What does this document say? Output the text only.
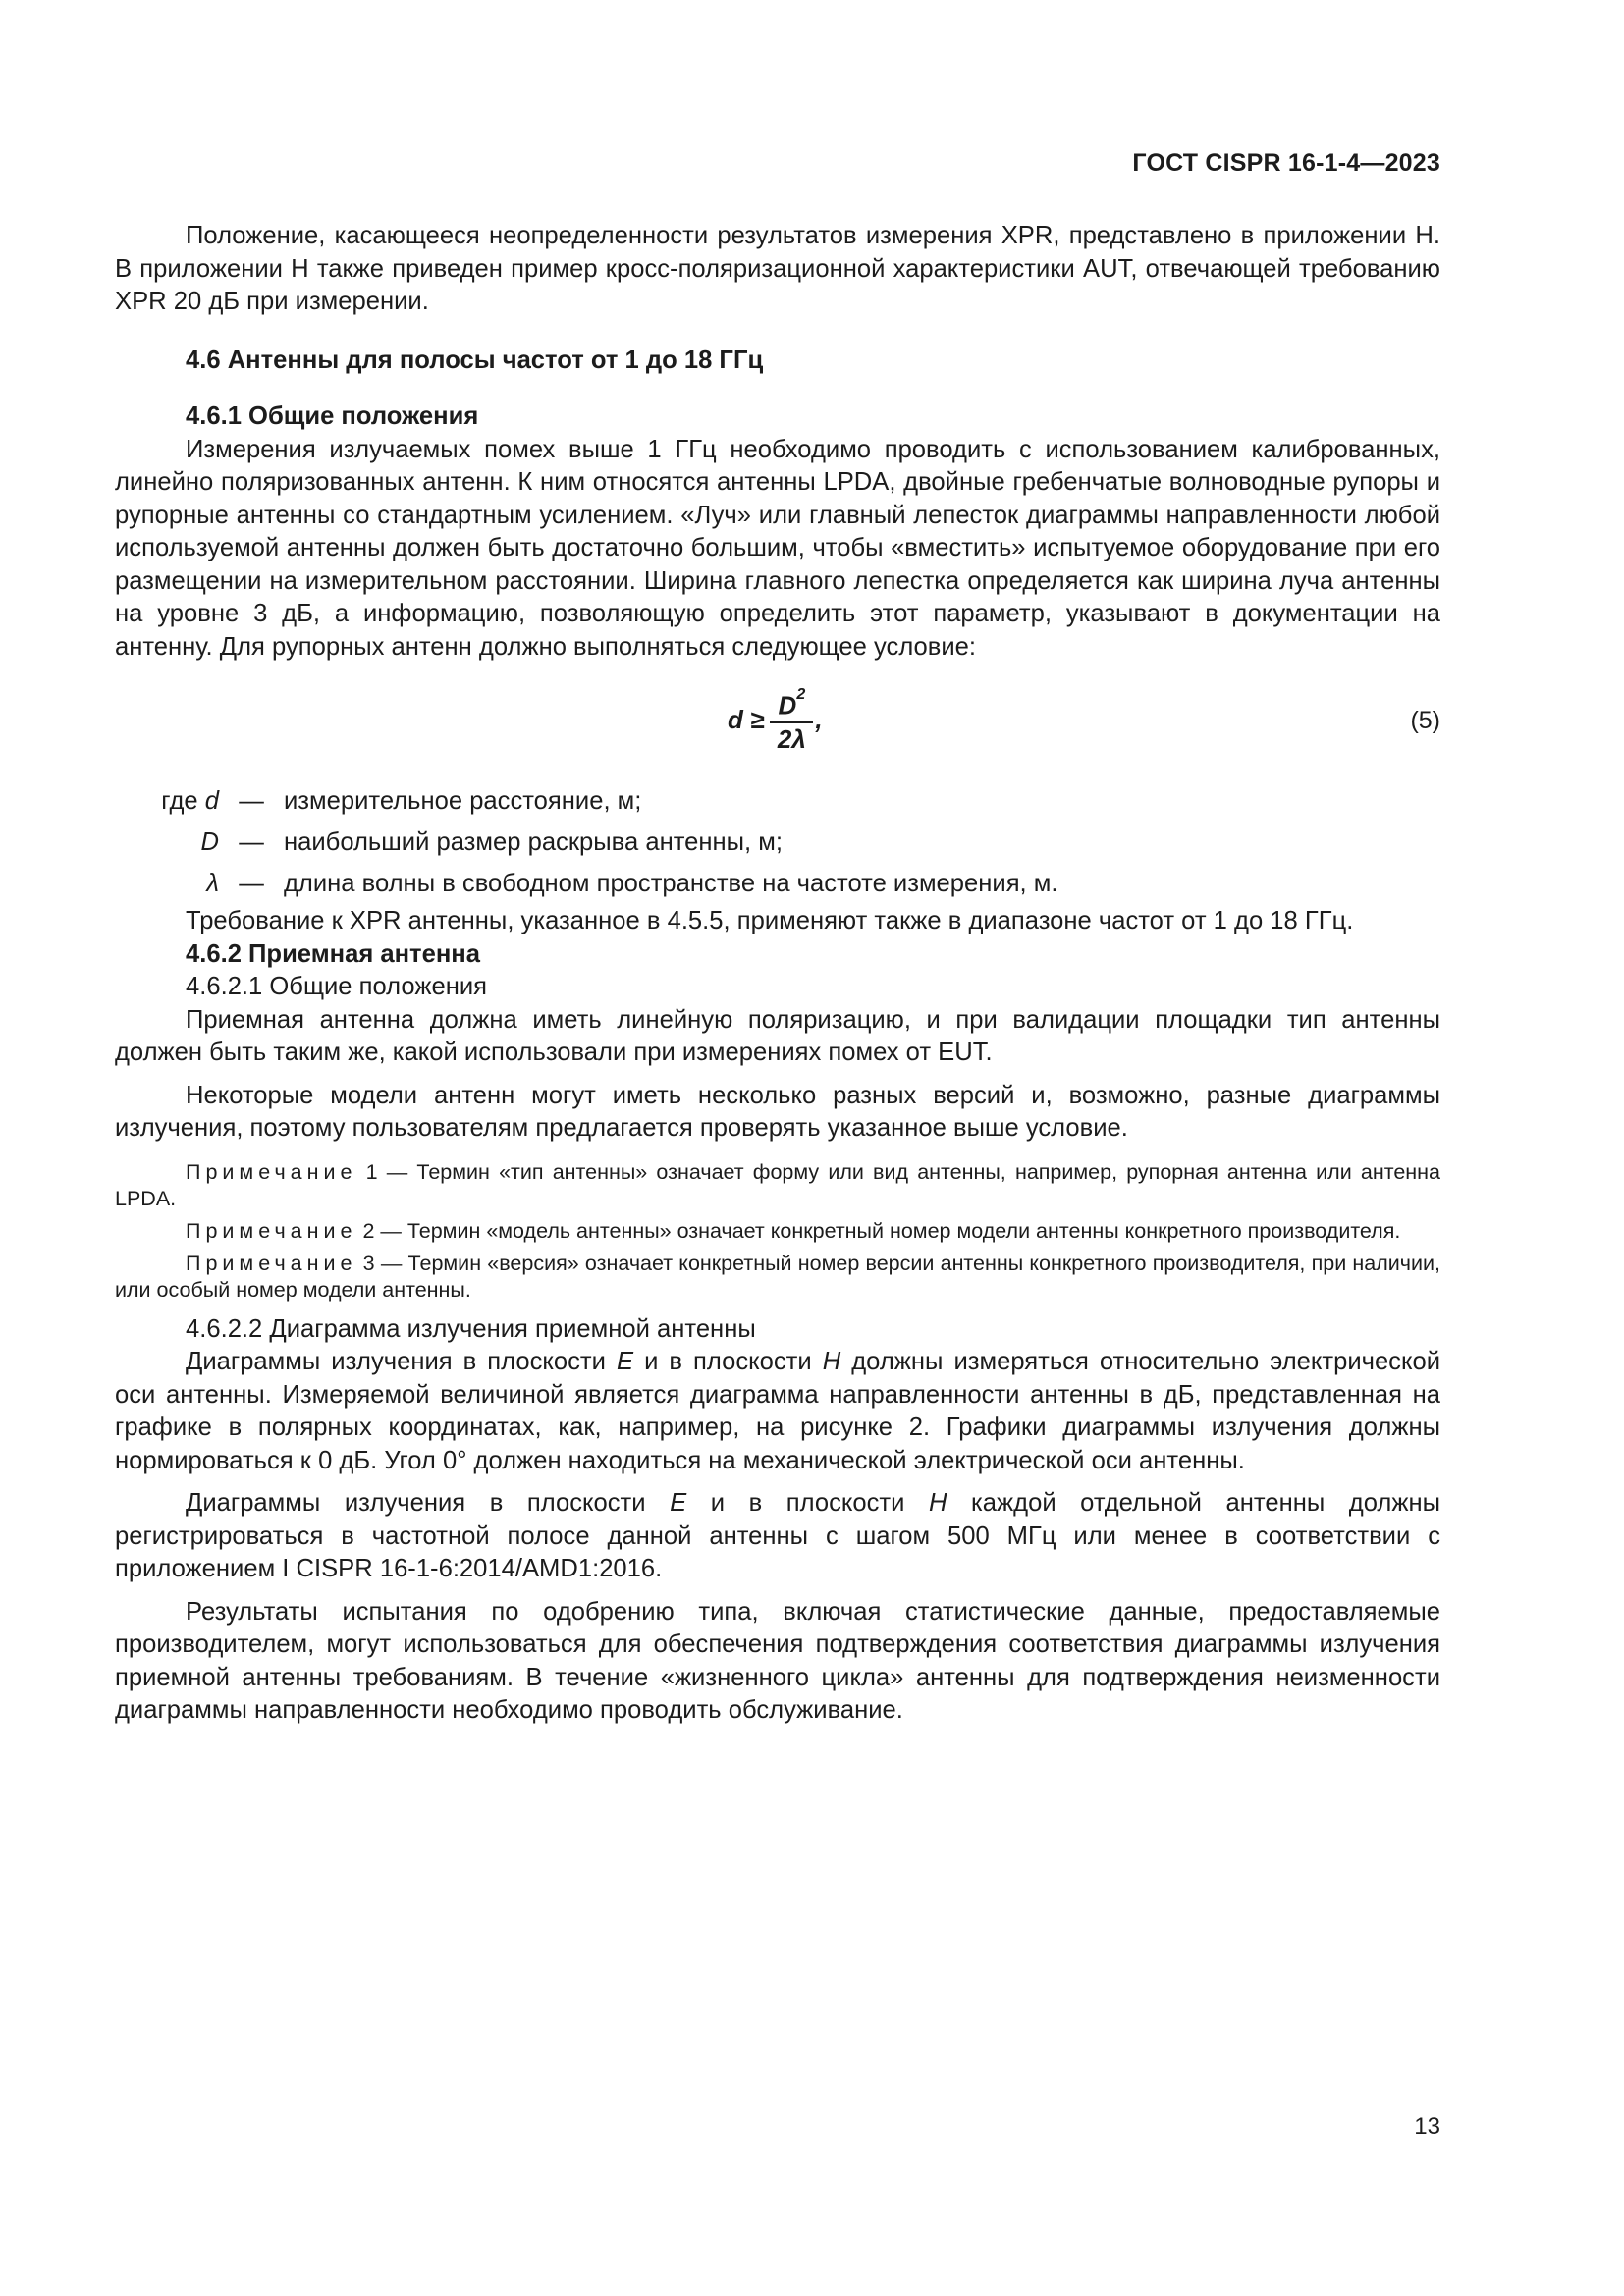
ГОСТ CISPR 16-1-4—2023

Положение, касающееся неопределенности результатов измерения XPR, представлено в приложении Н. В приложении Н также приведен пример кросс-поляризационной характеристики AUT, отвечающей требованию XPR 20 дБ при измерении.

4.6 Антенны для полосы частот от 1 до 18 ГГц

4.6.1 Общие положения

Измерения излучаемых помех выше 1 ГГц необходимо проводить с использованием калиброванных, линейно поляризованных антенн. К ним относятся антенны LPDA, двойные гребенчатые волноводные рупоры и рупорные антенны со стандартным усилением. «Луч» или главный лепесток диаграммы направленности любой используемой антенны должен быть достаточно большим, чтобы «вместить» испытуемое оборудование при его размещении на измерительном расстоянии. Ширина главного лепестка определяется как ширина луча антенны на уровне 3 дБ, а информацию, позволяющую определить этот параметр, указывают в документации на антенну. Для рупорных антенн должно выполняться следующее условие:

$d \ge \frac{D^2}{2\lambda}$ ,	(5)
где d — измерительное расстояние, м;
D — наибольший размер раскрыва антенны, м;
λ — длина волны в свободном пространстве на частоте измерения, м.

Требование к XPR антенны, указанное в 4.5.5, применяют также в диапазоне частот от 1 до 18 ГГц.

4.6.2 Приемная антенна

4.6.2.1 Общие положения

Приемная антенна должна иметь линейную поляризацию, и при валидации площадки тип антенны должен быть таким же, какой использовали при измерениях помех от EUT.

Некоторые модели антенн могут иметь несколько разных версий и, возможно, разные диаграммы излучения, поэтому пользователям предлагается проверять указанное выше условие.

Примечание 1 — Термин «тип антенны» означает форму или вид антенны, например, рупорная антенна или антенна LPDA.

Примечание 2 — Термин «модель антенны» означает конкретный номер модели антенны конкретного производителя.

Примечание 3 — Термин «версия» означает конкретный номер версии антенны конкретного производителя, при наличии, или особый номер модели антенны.

4.6.2.2 Диаграмма излучения приемной антенны

Диаграммы излучения в плоскости E и в плоскости H должны измеряться относительно электрической оси антенны. Измеряемой величиной является диаграмма направленности антенны в дБ, представленная на графике в полярных координатах, как, например, на рисунке 2. Графики диаграммы излучения должны нормироваться к 0 дБ. Угол 0° должен находиться на механической электрической оси антенны.

Диаграммы излучения в плоскости E и в плоскости H каждой отдельной антенны должны регистрироваться в частотной полосе данной антенны с шагом 500 МГц или менее в соответствии с приложением I CISPR 16-1-6:2014/AMD1:2016.

Результаты испытания по одобрению типа, включая статистические данные, предоставляемые производителем, могут использоваться для обеспечения подтверждения соответствия диаграммы излучения приемной антенны требованиям. В течение «жизненного цикла» антенны для подтверждения неизменности диаграммы направленности необходимо проводить обслуживание.

13
